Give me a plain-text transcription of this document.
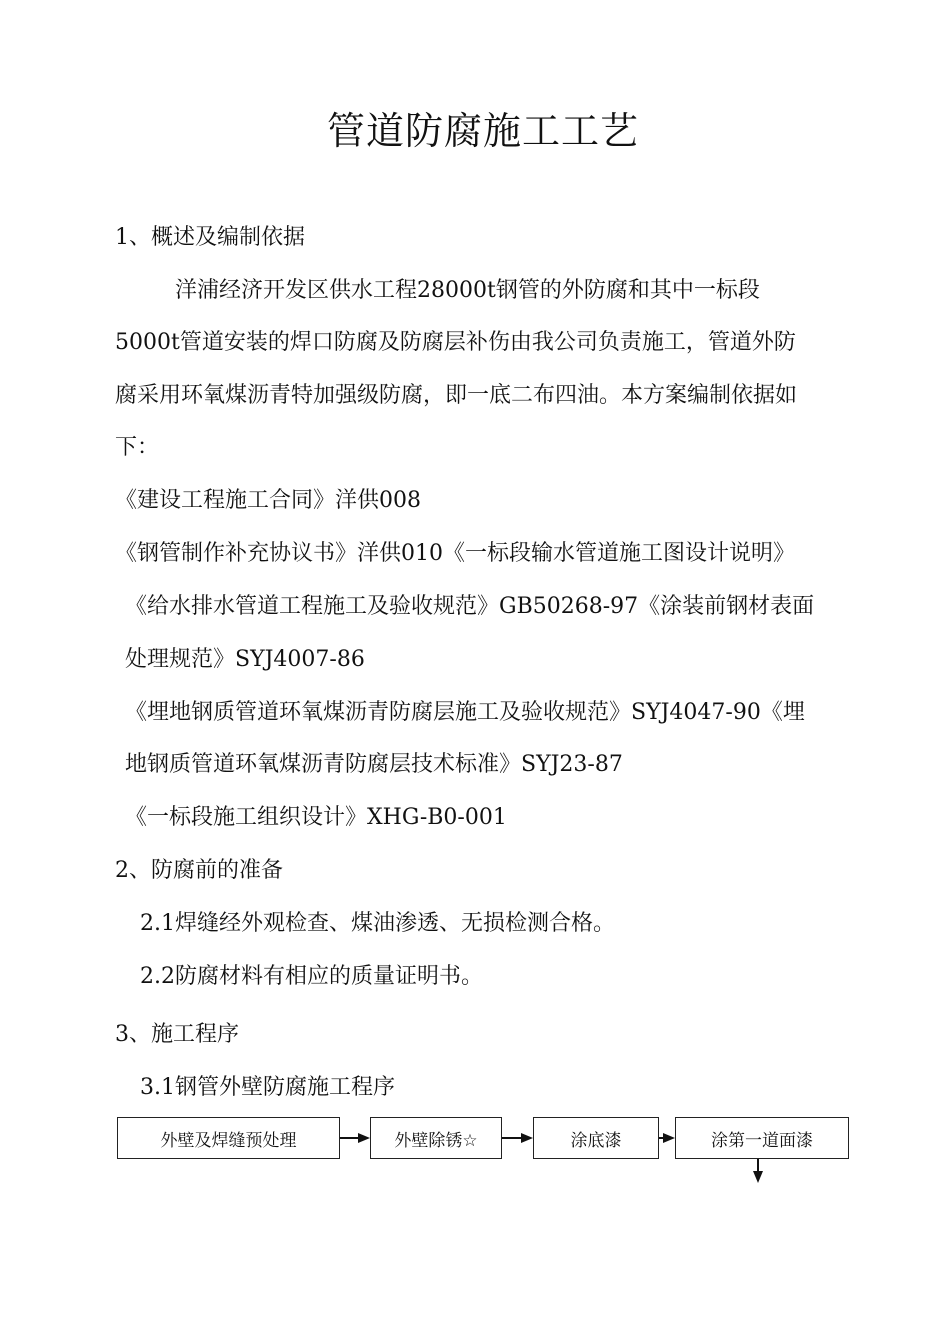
管道防腐施工工艺
1、概述及编制依据
洋浦经济开发区供水工程28000t钢管的外防腐和其中一标段
5000t管道安装的焊口防腐及防腐层补伤由我公司负责施工，管道外防
腐采用环氧煤沥青特加强级防腐，即一底二布四油。本方案编制依据如
下：
《建设工程施工合同》洋供008
《钢管制作补充协议书》洋供010《一标段输水管道施工图设计说明》
《给水排水管道工程施工及验收规范》GB50268-97《涂装前钢材表面
处理规范》SYJ4007-86
《埋地钢质管道环氧煤沥青防腐层施工及验收规范》SYJ4047-90《埋
地钢质管道环氧煤沥青防腐层技术标准》SYJ23-87
《一标段施工组织设计》XHG-B0-001
2、防腐前的准备
2.1焊缝经外观检查、煤油渗透、无损检测合格。
2.2防腐材料有相应的质量证明书。
3、施工程序
3.1钢管外壁防腐施工程序
外壁及焊缝预处理	外壁除锈☆	涂底漆	涂第一道面漆
